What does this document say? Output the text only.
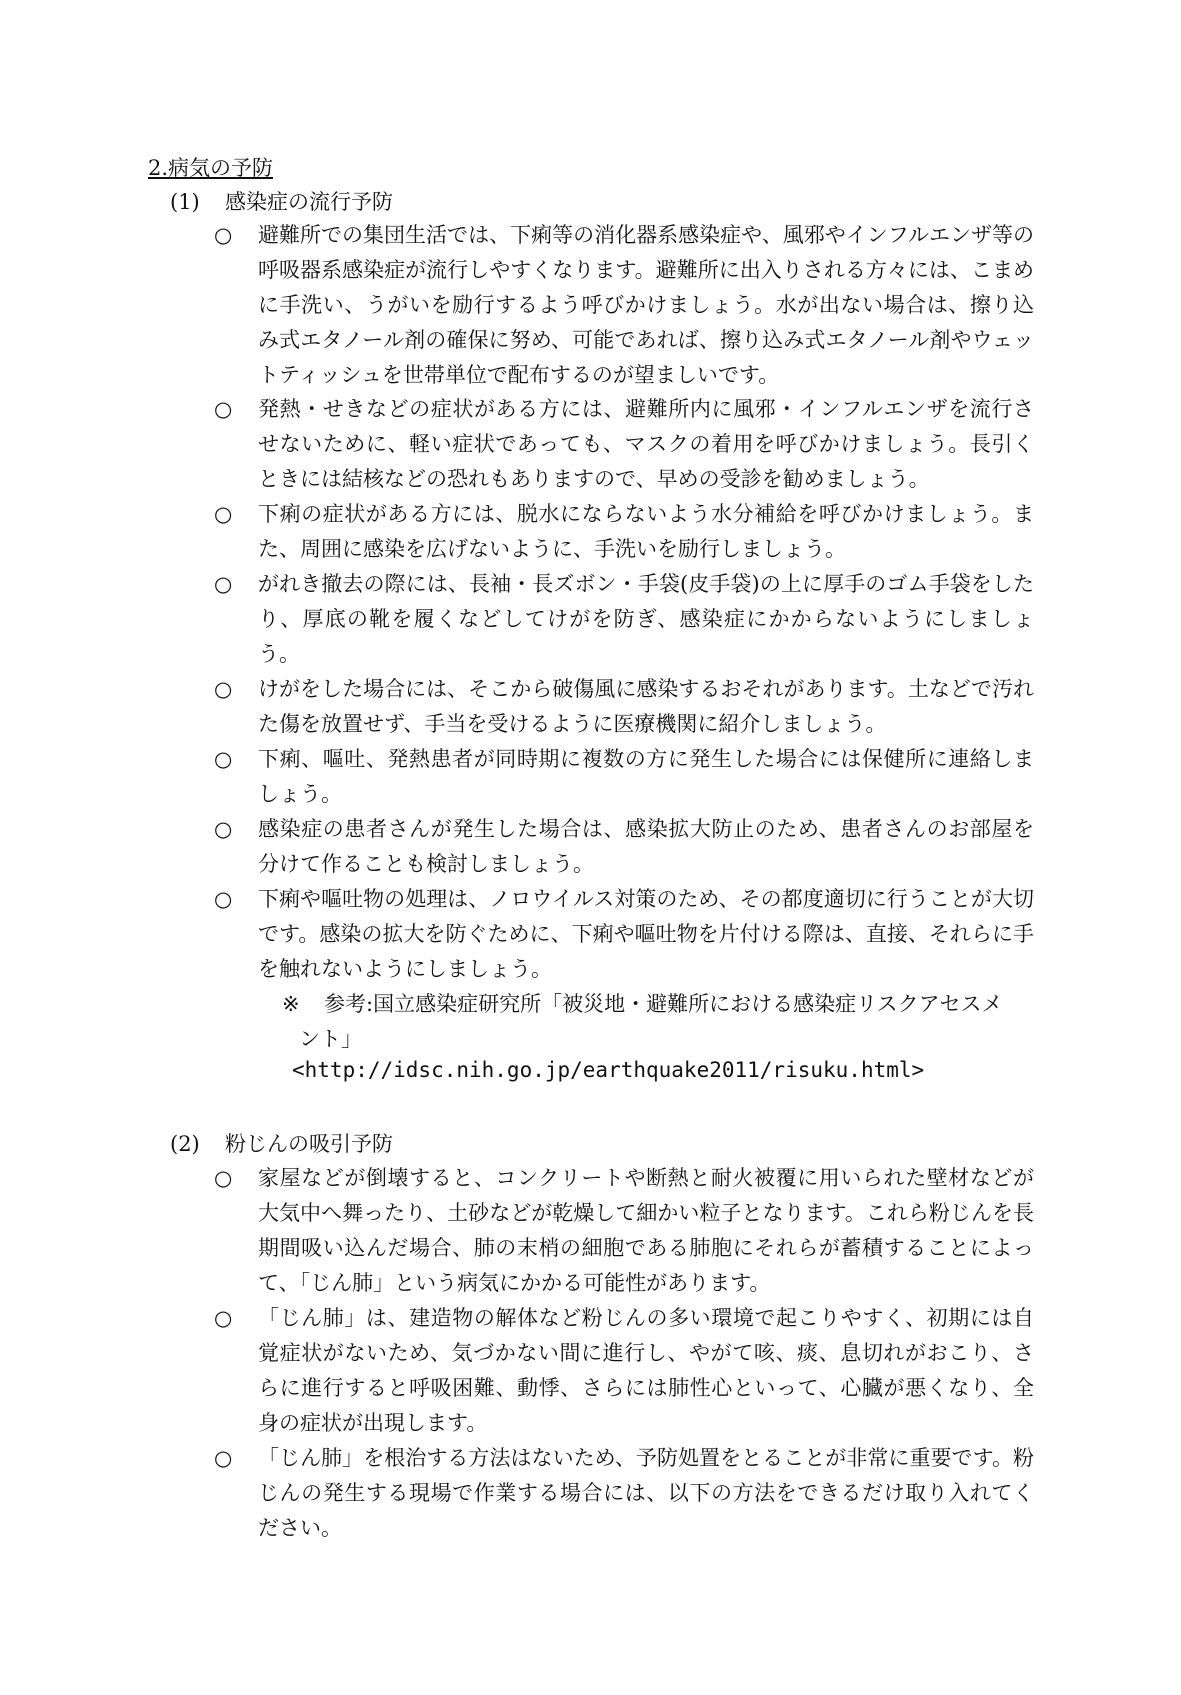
2.病気の予防
(1) 感染症の流行予防
○	避難所での集団生活では、下痢等の消化器系感染症や、風邪やインフルエンザ等の呼吸器系感染症が流行しやすくなります。避難所に出入りされる方々には、こまめに手洗い、うがいを励行するよう呼びかけましょう。水が出ない場合は、擦り込み式エタノール剤の確保に努め、可能であれば、擦り込み式エタノール剤やウェットティッシュを世帯単位で配布するのが望ましいです。
○	発熱・せきなどの症状がある方には、避難所内に風邪・インフルエンザを流行させないために、軽い症状であっても、マスクの着用を呼びかけましょう。長引くときには結核などの恐れもありますので、早めの受診を勧めましょう。
○	下痢の症状がある方には、脱水にならないよう水分補給を呼びかけましょう。また、周囲に感染を広げないように、手洗いを励行しましょう。
○	がれき撤去の際には、長袖・長ズボン・手袋(皮手袋)の上に厚手のゴム手袋をしたり、厚底の靴を履くなどしてけがを防ぎ、感染症にかからないようにしましょう。
○	けがをした場合には、そこから破傷風に感染するおそれがあります。土などで汚れた傷を放置せず、手当を受けるように医療機関に紹介しましょう。
○	下痢、嘔吐、発熱患者が同時期に複数の方に発生した場合には保健所に連絡しましょう。
○	感染症の患者さんが発生した場合は、感染拡大防止のため、患者さんのお部屋を分けて作ることも検討しましょう。
○	下痢や嘔吐物の処理は、ノロウイルス対策のため、その都度適切に行うことが大切です。感染の拡大を防ぐために、下痢や嘔吐物を片付ける際は、直接、それらに手を触れないようにしましょう。
※ 参考:国立感染症研究所「被災地・避難所における感染症リスクアセスメ
ント」
<http://idsc.nih.go.jp/earthquake2011/risuku.html>
(2) 粉じんの吸引予防
○	家屋などが倒壊すると、コンクリートや断熱と耐火被覆に用いられた壁材などが大気中へ舞ったり、土砂などが乾燥して細かい粒子となります。これら粉じんを長期間吸い込んだ場合、肺の末梢の細胞である肺胞にそれらが蓄積することによって、「じん肺」という病気にかかる可能性があります。
○	「じん肺」は、建造物の解体など粉じんの多い環境で起こりやすく、初期には自覚症状がないため、気づかない間に進行し、やがて咳、痰、息切れがおこり、さらに進行すると呼吸困難、動悸、さらには肺性心といって、心臓が悪くなり、全身の症状が出現します。
○	「じん肺」を根治する方法はないため、予防処置をとることが非常に重要です。粉じんの発生する現場で作業する場合には、以下の方法をできるだけ取り入れてください。
